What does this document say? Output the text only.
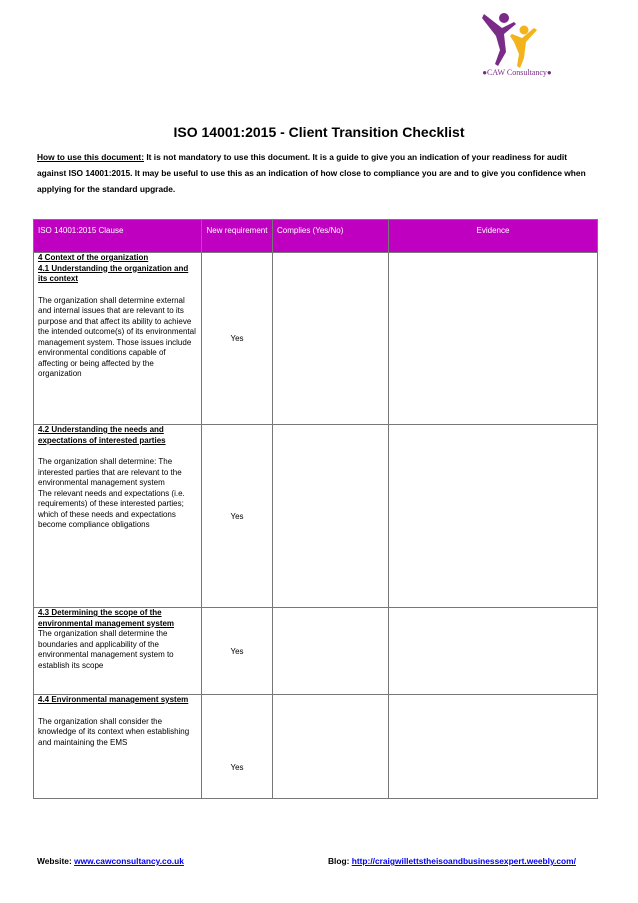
●CAW Consultancy●
ISO 14001:2015 - Client Transition Checklist
How to use this document: It is not mandatory to use this document. It is a guide to give you an indication of your readiness for audit against ISO 14001:2015. It may be useful to use this as an indication of how close to compliance you are and to give you confidence when applying for the standard upgrade.
ISO 14001:2015 Clause	New requirement	Complies (Yes/No)	Evidence

4 Context of the organization
4.1 Understanding the organization and its context
The organization shall determine external and internal issues that are relevant to its purpose and that affect its ability to achieve the intended outcome(s) of its environmental management system. Those issues include environmental conditions capable of affecting or being affected by the organization	Yes		

4.2 Understanding the needs and expectations of interested parties
The organization shall determine: The interested parties that are relevant to the environmental management system
The relevant needs and expectations (i.e. requirements) of these interested parties;
which of these needs and expectations become compliance obligations	Yes		

4.3 Determining the scope of the environmental management system
The organization shall determine the boundaries and applicability of the environmental management system to establish its scope	Yes		

4.4 Environmental management system
The organization shall consider the knowledge of its context when establishing and maintaining the EMS	Yes		
Website: www.cawconsultancy.co.uk	Blog: http://craigwillettstheisoandbusinessexpert.weebly.com/
